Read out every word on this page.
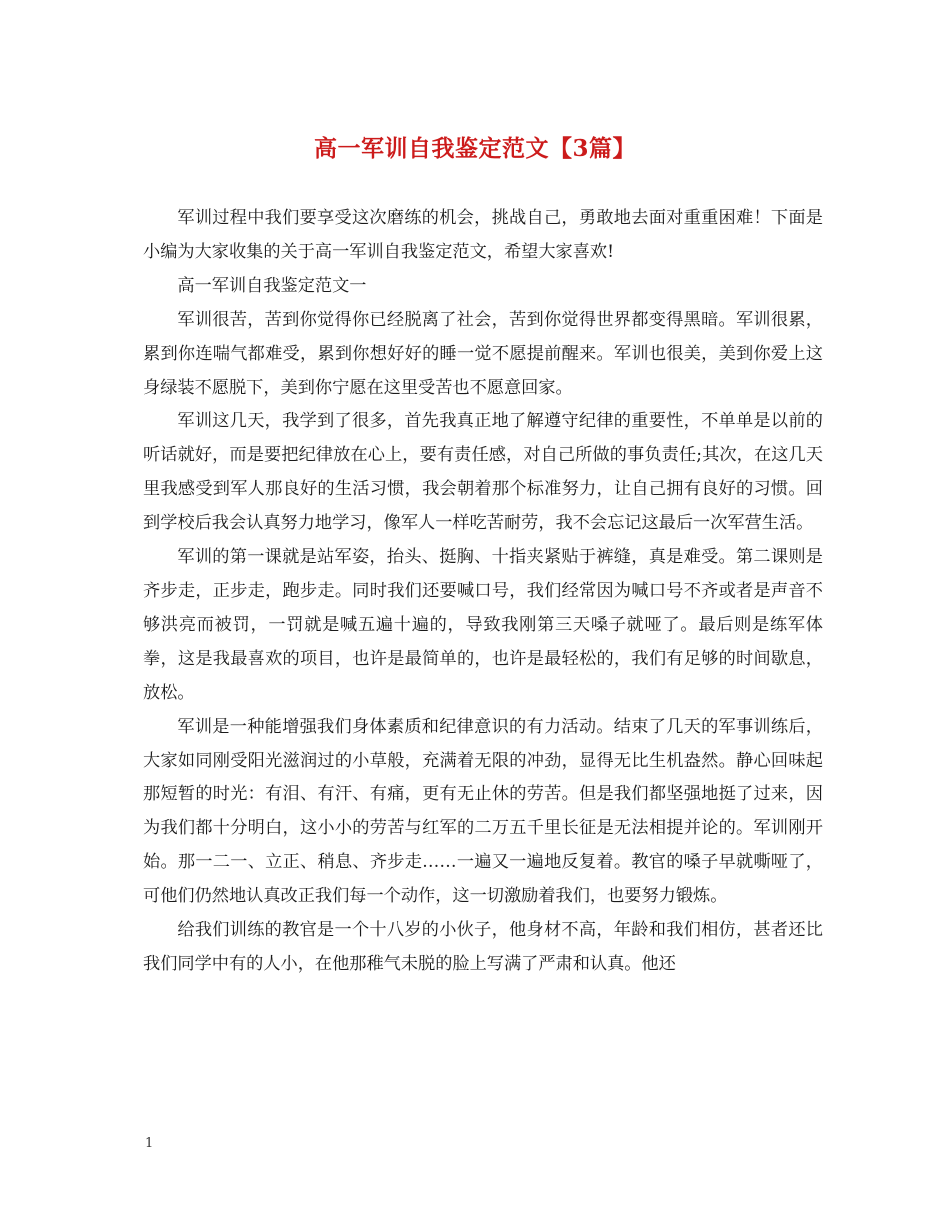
高一军训自我鉴定范文【3篇】

军训过程中我们要享受这次磨练的机会，挑战自己，勇敢地去面对重重困难！下面是小编为大家收集的关于高一军训自我鉴定范文，希望大家喜欢!

高一军训自我鉴定范文一

军训很苦，苦到你觉得你已经脱离了社会，苦到你觉得世界都变得黑暗。军训很累，累到你连喘气都难受，累到你想好好的睡一觉不愿提前醒来。军训也很美，美到你爱上这身绿装不愿脱下，美到你宁愿在这里受苦也不愿意回家。

军训这几天，我学到了很多，首先我真正地了解遵守纪律的重要性，不单单是以前的听话就好，而是要把纪律放在心上，要有责任感，对自己所做的事负责任;其次，在这几天里我感受到军人那良好的生活习惯，我会朝着那个标准努力，让自己拥有良好的习惯。回到学校后我会认真努力地学习，像军人一样吃苦耐劳，我不会忘记这最后一次军营生活。

军训的第一课就是站军姿，抬头、挺胸、十指夹紧贴于裤缝，真是难受。第二课则是齐步走，正步走，跑步走。同时我们还要喊口号，我们经常因为喊口号不齐或者是声音不够洪亮而被罚，一罚就是喊五遍十遍的，导致我刚第三天嗓子就哑了。最后则是练军体拳，这是我最喜欢的项目，也许是最简单的，也许是最轻松的，我们有足够的时间歇息，放松。

军训是一种能增强我们身体素质和纪律意识的有力活动。结束了几天的军事训练后，大家如同刚受阳光滋润过的小草般，充满着无限的冲劲，显得无比生机盎然。静心回味起那短暂的时光：有泪、有汗、有痛，更有无止休的劳苦。但是我们都坚强地挺了过来，因为我们都十分明白，这小小的劳苦与红军的二万五千里长征是无法相提并论的。军训刚开始。那一二一、立正、稍息、齐步走……一遍又一遍地反复着。教官的嗓子早就嘶哑了，可他们仍然地认真改正我们每一个动作，这一切激励着我们，也要努力锻炼。

给我们训练的教官是一个十八岁的小伙子，他身材不高，年龄和我们相仿，甚者还比我们同学中有的人小，在他那稚气未脱的脸上写满了严肃和认真。他还

1
